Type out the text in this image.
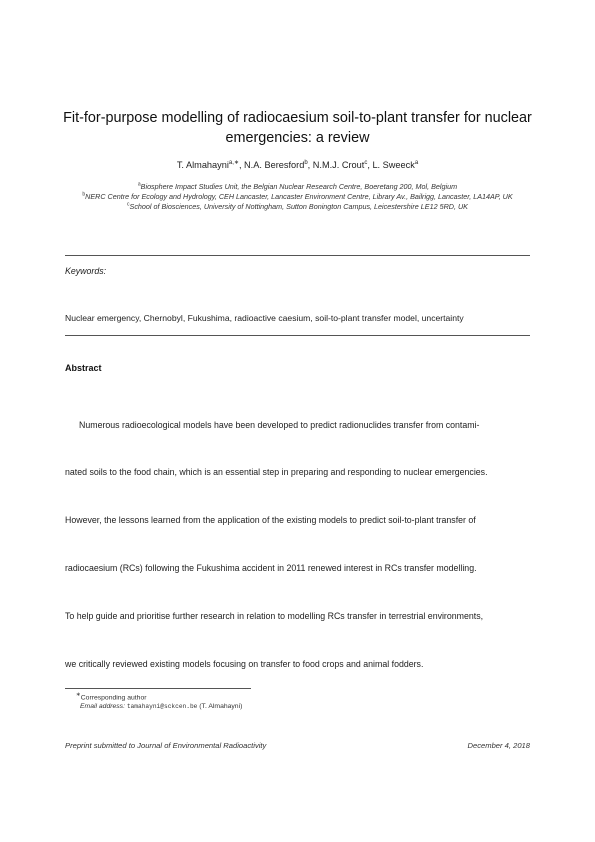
Fit-for-purpose modelling of radiocaesium soil-to-plant transfer for nuclear
emergencies: a review
T. Almahayni$^{a,∗}$, N.A. Beresford$^b$, N.M.J. Crout$^c$, L. Sweeck$^a$
$^a$Biosphere Impact Studies Unit, the Belgian Nuclear Research Centre, Boeretang 200, Mol, Belgium
$^b$NERC Centre for Ecology and Hydrology, CEH Lancaster, Lancaster Environment Centre, Library Av., Bailrigg, Lancaster, LA14AP, UK
$^c$School of Biosciences, University of Nottingham, Sutton Bonington Campus, Leicestershire LE12 5RD, UK
Keywords:
Nuclear emergency, Chernobyl, Fukushima, radioactive caesium, soil-to-plant transfer model, uncertainty
Abstract
Numerous radioecological models have been developed to predict radionuclides transfer from contami-
nated soils to the food chain, which is an essential step in preparing and responding to nuclear emergencies.
However, the lessons learned from the application of the existing models to predict soil-to-plant transfer of
radiocaesium (RCs) following the Fukushima accident in 2011 renewed interest in RCs transfer modelling.
To help guide and prioritise further research in relation to modelling RCs transfer in terrestrial environments,
we critically reviewed existing models focusing on transfer to food crops and animal fodders.
∗Corresponding author
Email address: tamahayni@sckcen.be (T. Almahayni)
Preprint submitted to Journal of Environmental Radioactivity	December 4, 2018
